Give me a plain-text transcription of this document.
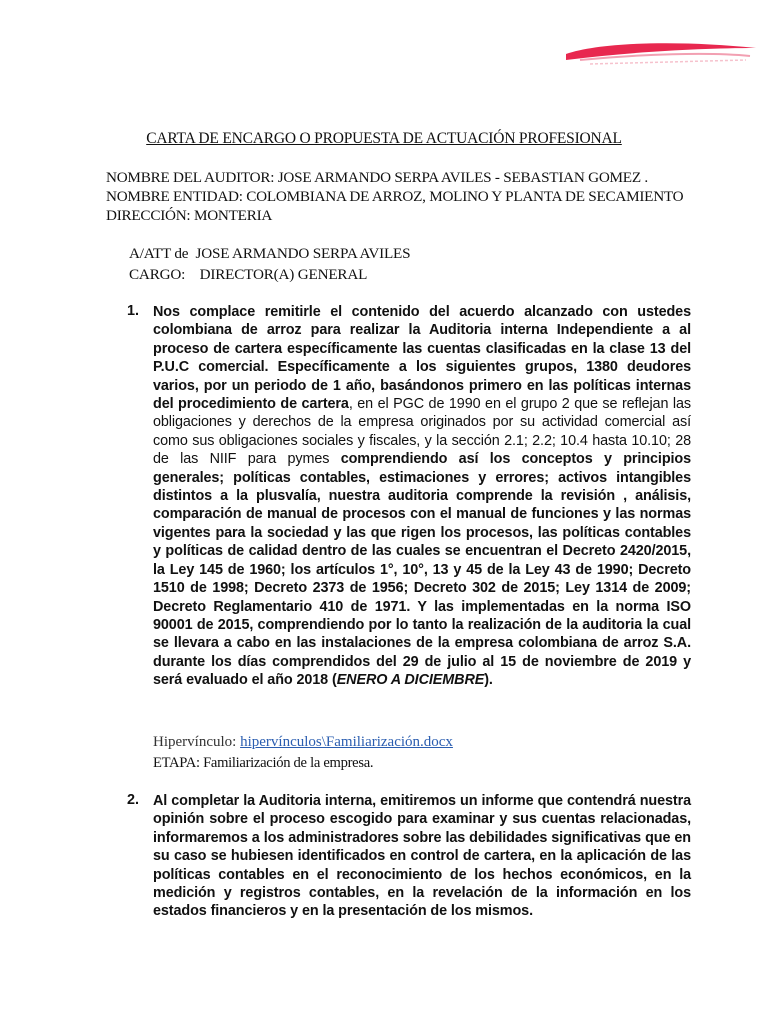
CARTA DE ENCARGO O PROPUESTA DE ACTUACIÓN PROFESIONAL
NOMBRE DEL AUDITOR: JOSE ARMANDO SERPA AVILES - SEBASTIAN GOMEZ .
NOMBRE ENTIDAD: COLOMBIANA DE ARROZ, MOLINO Y PLANTA DE SECAMIENTO
DIRECCIÓN: MONTERIA
A/ATT de JOSE ARMANDO SERPA AVILES
CARGO: DIRECTOR(A) GENERAL
1. Nos complace remitirle el contenido del acuerdo alcanzado con ustedes colombiana de arroz para realizar la Auditoria interna Independiente a al proceso de cartera específicamente las cuentas clasificadas en la clase 13 del P.U.C comercial. Específicamente a los siguientes grupos, 1380 deudores varios, por un periodo de 1 año, basándonos primero en las políticas internas del procedimiento de cartera, en el PGC de 1990 en el grupo 2 que se reflejan las obligaciones y derechos de la empresa originados por su actividad comercial así como sus obligaciones sociales y fiscales, y la sección 2.1; 2.2; 10.4 hasta 10.10; 28 de las NIIF para pymes comprendiendo así los conceptos y principios generales; políticas contables, estimaciones y errores; activos intangibles distintos a la plusvalía, nuestra auditoria comprende la revisión , análisis, comparación de manual de procesos con el manual de funciones y las normas vigentes para la sociedad y las que rigen los procesos, las políticas contables y políticas de calidad dentro de las cuales se encuentran el Decreto 2420/2015, la Ley 145 de 1960; los artículos 1°, 10°, 13 y 45 de la Ley 43 de 1990; Decreto 1510 de 1998; Decreto 2373 de 1956; Decreto 302 de 2015; Ley 1314 de 2009; Decreto Reglamentario 410 de 1971. Y las implementadas en la norma ISO 90001 de 2015, comprendiendo por lo tanto la realización de la auditoria la cual se llevara a cabo en las instalaciones de la empresa colombiana de arroz S.A. durante los días comprendidos del 29 de julio al 15 de noviembre de 2019 y será evaluado el año 2018 (ENERO A DICIEMBRE).
Hipervínculo: hipervínculos\Familiarización.docx
ETAPA: Familiarización de la empresa.
2. Al completar la Auditoria interna, emitiremos un informe que contendrá nuestra opinión sobre el proceso escogido para examinar y sus cuentas relacionadas, informaremos a los administradores sobre las debilidades significativas que en su caso se hubiesen identificados en control de cartera, en la aplicación de las políticas contables en el reconocimiento de los hechos económicos, en la medición y registros contables, en la revelación de la información en los estados financieros y en la presentación de los mismos.
